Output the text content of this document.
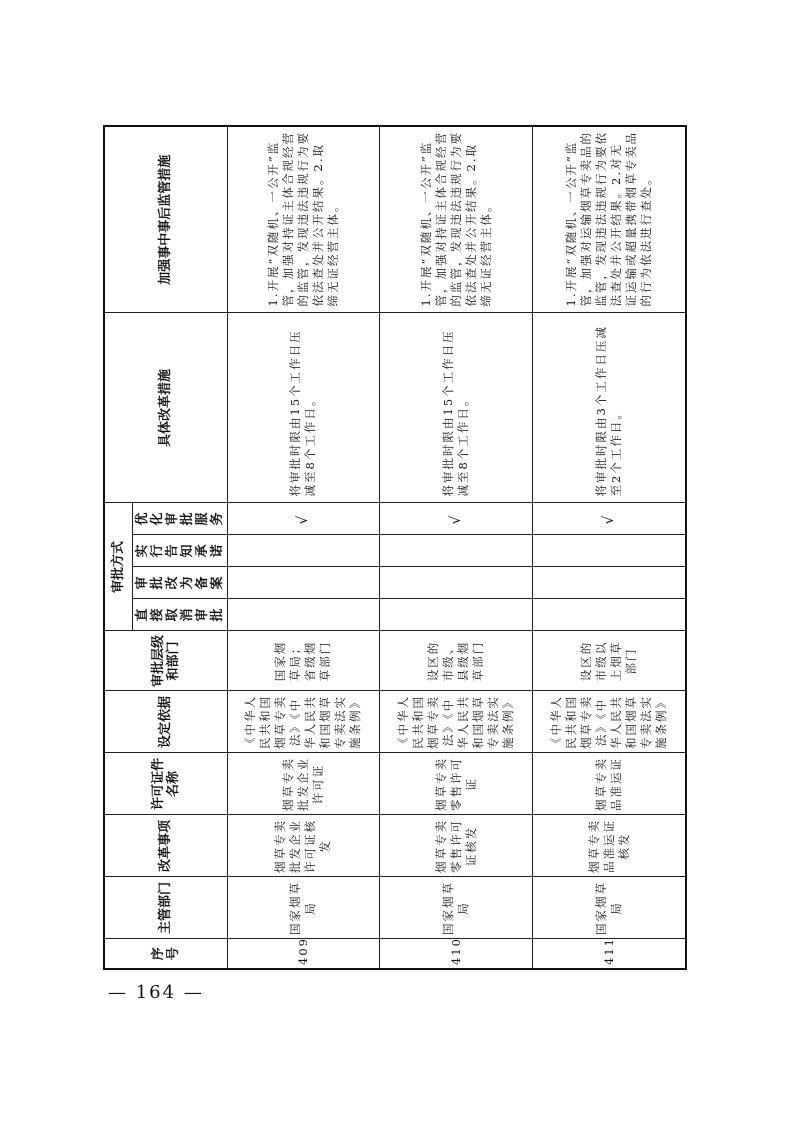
序号	主管部门	改革事项	许可证件名称	设定依据	审批层级和部门	审批方式				具体改革措施	加强事中事后监管措施
						直接取消审批	审批改为备案	实行告知承诺	优化审批服务		
409	国家烟草局	烟草专卖批发企业许可证核发	烟草专卖批发企业许可证	《中华人民共和国烟草专卖法》《中华人民共和国烟草专卖法实施条例》	国家烟草局；省级烟草部门				√	将审批时限由15个工作日压减至8个工作日。	1.开展“双随机、一公开”监管，加强对持证主体合规经营的监管，发现违法违规行为要依法查处并公开结果。2.取缔无证经营主体。
410	国家烟草局	烟草专卖零售许可证核发	烟草专卖零售许可证	《中华人民共和国烟草专卖法》《中华人民共和国烟草专卖法实施条例》	设区的市级、县级烟草部门				√	将审批时限由15个工作日压减至8个工作日。	1.开展“双随机、一公开”监管，加强对持证主体合规经营的监管，发现违法违规行为要依法查处并公开结果。2.取缔无证经营主体。
411	国家烟草局	烟草专卖品准运证核发	烟草专卖品准运证	《中华人民共和国烟草专卖法》《中华人民共和国烟草专卖法实施条例》	设区的市级以上烟草部门				√	将审批时限由3个工作日压减至2个工作日。	1.开展“双随机、一公开”监管，加强对运输烟草专卖品的监管，发现违法违规行为要依法查处并公开结果。2.对无证运输或超量携带烟草专卖品的行为依法进行查处。
— 164 —
